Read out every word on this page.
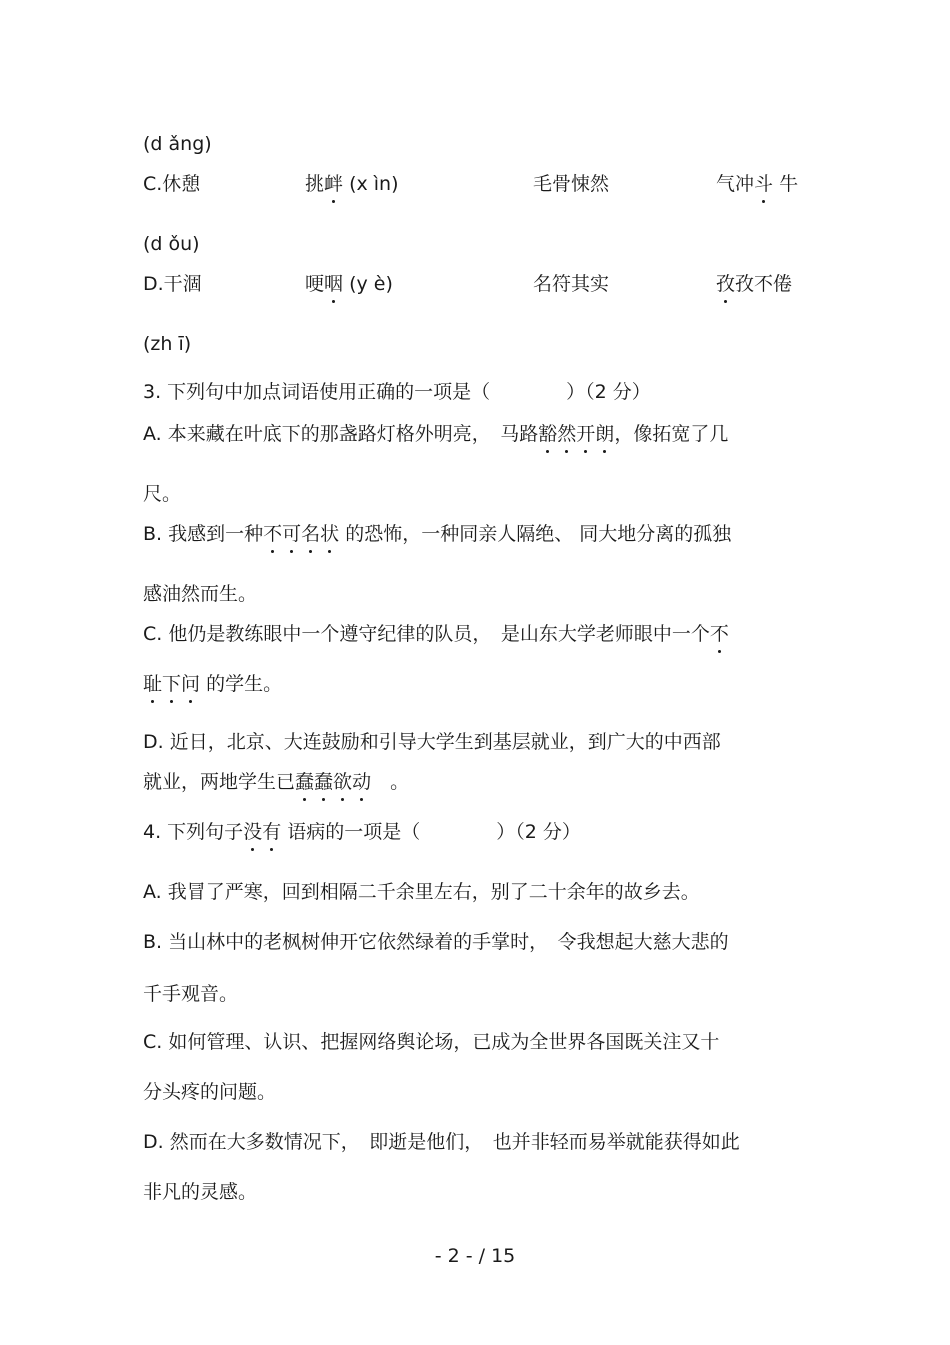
(d ǎng)
C.休憩	挑衅 (x ìn)	毛骨悚然	气冲斗 牛
(d ǒu)
D.干涸	哽咽 (y è)	名符其实	孜孜不倦
(zh ī)
3. 下列句中加点词语使用正确的一项是（　　　　）（2 分）
A. 本来藏在叶底下的那盏路灯格外明亮，　马路豁然开朗，像拓宽了几
尺。
B. 我感到一种不可名状 的恐怖，一种同亲人隔绝、 同大地分离的孤独
感油然而生。
C. 他仍是教练眼中一个遵守纪律的队员，　是山东大学老师眼中一个不
耻下问 的学生。
D. 近日，北京、大连鼓励和引导大学生到基层就业，到广大的中西部
就业，两地学生已蠢蠢欲动　。
4. 下列句子没有 语病的一项是（　　　　）（2 分）
A. 我冒了严寒，回到相隔二千余里左右，别了二十余年的故乡去。
B. 当山林中的老枫树伸开它依然绿着的手掌时，　令我想起大慈大悲的
千手观音。
C. 如何管理、认识、把握网络舆论场，已成为全世界各国既关注又十
分头疼的问题。
D. 然而在大多数情况下，　即逝是他们，　也并非轻而易举就能获得如此
非凡的灵感。
- 2 - / 15
